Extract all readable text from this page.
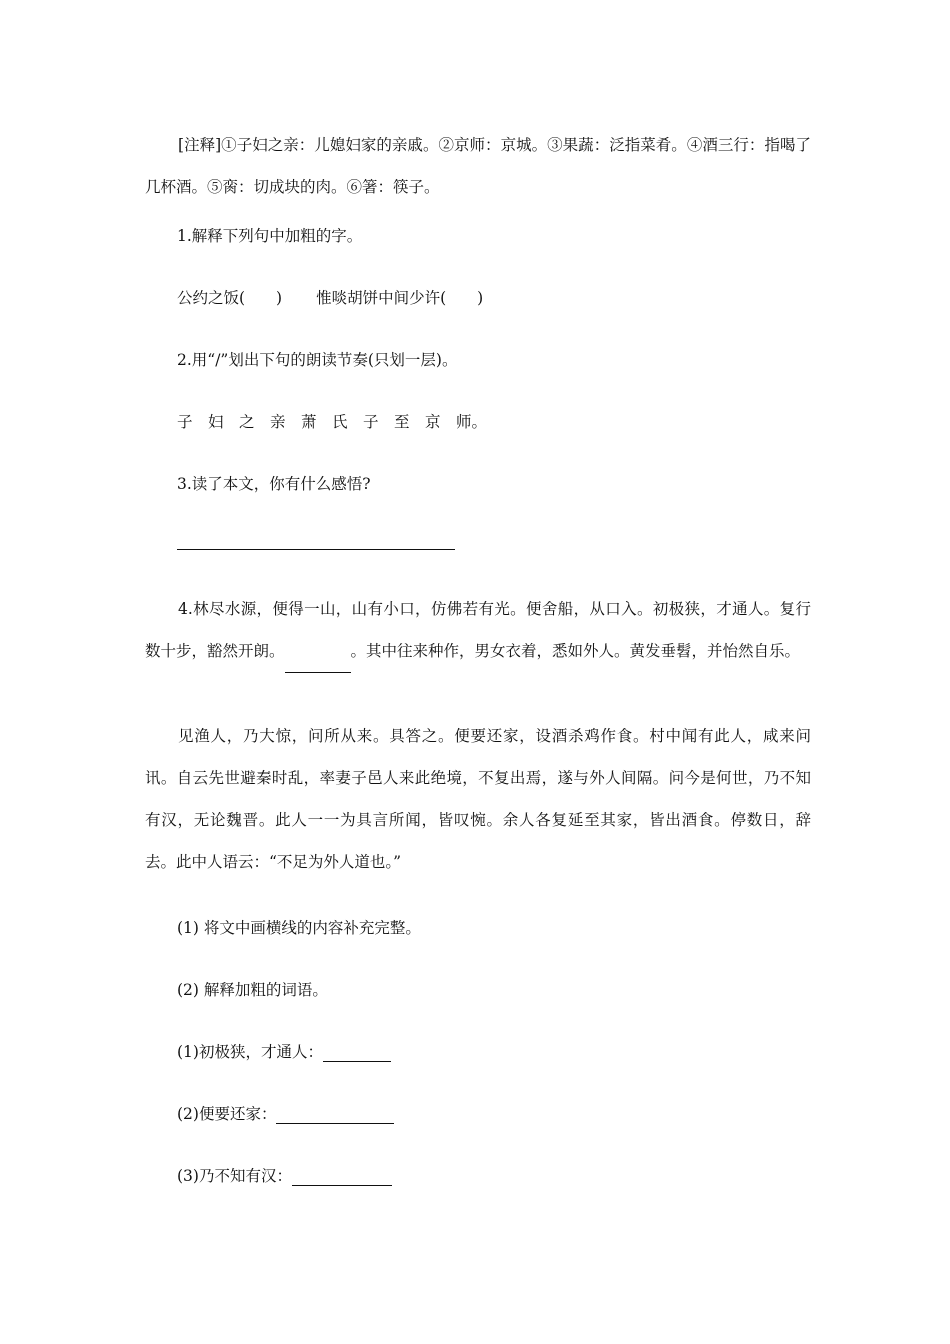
[注释]①子妇之亲：儿媳妇家的亲戚。②京师：京城。③果蔬：泛指菜肴。④酒三行：指喝了几杯酒。⑤脔：切成块的肉。⑥箸：筷子。

1.解释下列句中加粗的字。

公约之饭(　　) 惟啖胡饼中间少许(　　)

2.用“/”划出下句的朗读节奏(只划一层)。

子　妇　之　亲　萧　氏　子　至　京　师。

3.读了本文，你有什么感悟?

4.林尽水源，便得一山，山有小口，仿佛若有光。便舍船，从口入。初极狭，才通人。复行数十步，豁然开朗。	。其中往来种作，男女衣着，悉如外人。黄发垂髫，并怡然自乐。

见渔人，乃大惊，问所从来。具答之。便要还家，设酒杀鸡作食。村中闻有此人，咸来问讯。自云先世避秦时乱，率妻子邑人来此绝境，不复出焉，遂与外人间隔。问今是何世，乃不知有汉，无论魏晋。此人一一为具言所闻，皆叹惋。余人各复延至其家，皆出酒食。停数日，辞去。此中人语云：“不足为外人道也。”

(1) 将文中画横线的内容补充完整。

(2) 解释加粗的词语。

(1)初极狭，才通人：

(2)便要还家：

(3)乃不知有汉：
